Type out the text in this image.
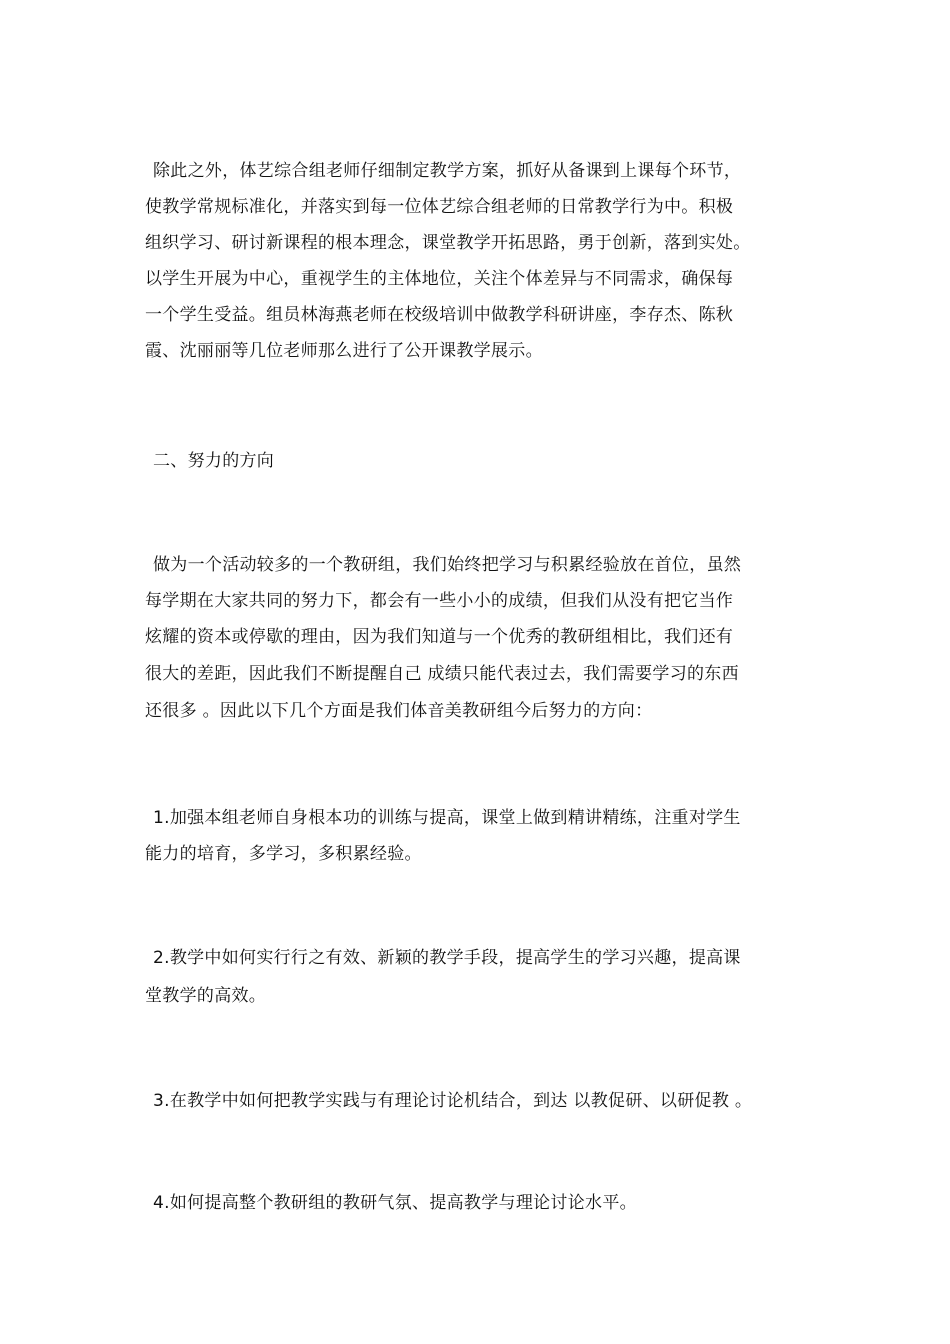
除此之外，体艺综合组老师仔细制定教学方案，抓好从备课到上课每个环节，
使教学常规标准化，并落实到每一位体艺综合组老师的日常教学行为中。积极
组织学习、研讨新课程的根本理念，课堂教学开拓思路，勇于创新，落到实处。
以学生开展为中心，重视学生的主体地位，关注个体差异与不同需求，确保每
一个学生受益。组员林海燕老师在校级培训中做教学科研讲座，李存杰、陈秋
霞、沈丽丽等几位老师那么进行了公开课教学展示。
二、努力的方向
做为一个活动较多的一个教研组，我们始终把学习与积累经验放在首位，虽然
每学期在大家共同的努力下，都会有一些小小的成绩，但我们从没有把它当作
炫耀的资本或停歇的理由，因为我们知道与一个优秀的教研组相比，我们还有
很大的差距，因此我们不断提醒自己 成绩只能代表过去，我们需要学习的东西
还很多 。因此以下几个方面是我们体音美教研组今后努力的方向：
1.加强本组老师自身根本功的训练与提高，课堂上做到精讲精练，注重对学生
能力的培育，多学习，多积累经验。
2.教学中如何实行行之有效、新颖的教学手段，提高学生的学习兴趣，提高课
堂教学的高效。
3.在教学中如何把教学实践与有理论讨论机结合，到达 以教促研、以研促教 。
4.如何提高整个教研组的教研气氛、提高教学与理论讨论水平。
